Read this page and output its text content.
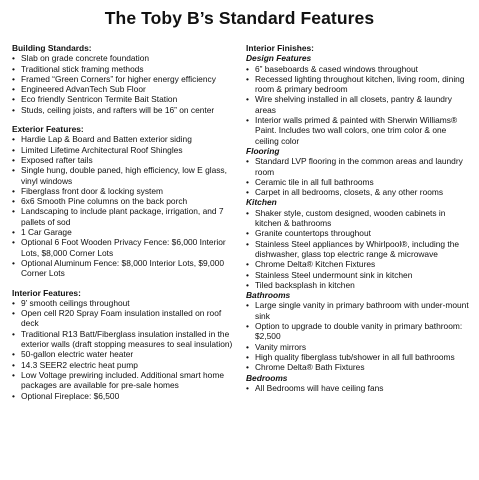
The Toby B’s Standard Features
Building Standards:
• Slab on grade concrete foundation
• Traditional stick framing methods
• Framed “Green Corners” for higher energy efficiency
• Engineered AdvanTech Sub Floor
• Eco friendly Sentricon Termite Bait Station
• Studs, ceiling joists, and rafters will be 16” on center
Exterior Features:
• Hardie Lap & Board and Batten exterior siding
• Limited Lifetime Architectural Roof Shingles
• Exposed rafter tails
• Single hung, double paned, high efficiency, low E glass, vinyl windows
• Fiberglass front door & locking system
• 6x6 Smooth Pine columns on the back porch
• Landscaping to include plant package, irrigation, and 7 pallets of sod
• 1 Car Garage
• Optional 6 Foot Wooden Privacy Fence: $6,000 Interior Lots, $8,000 Corner Lots
• Optional Aluminum Fence: $8,000 Interior Lots, $9,000 Corner Lots
Interior Features:
• 9’ smooth ceilings throughout
• Open cell R20 Spray Foam insulation installed on roof deck
• Traditional R13 Batt/Fiberglass insulation installed in the exterior walls (draft stopping measures to seal insulation)
• 50-gallon electric water heater
• 14.3 SEER2 electric heat pump
• Low Voltage prewiring included. Additional smart home packages are available for pre-sale homes
• Optional Fireplace: $6,500
Interior Finishes:
Design Features
• 6” baseboards & cased windows throughout
• Recessed lighting throughout kitchen, living room, dining room & primary bedroom
• Wire shelving installed in all closets, pantry & laundry areas
• Interior walls primed & painted with Sherwin Williams® Paint. Includes two wall colors, one trim color & one ceiling color
Flooring
• Standard LVP flooring in the common areas and laundry room
• Ceramic tile in all full bathrooms
• Carpet in all bedrooms, closets, & any other rooms
Kitchen
• Shaker style, custom designed, wooden cabinets in kitchen & bathrooms
• Granite countertops throughout
• Stainless Steel appliances by Whirlpool®, including the dishwasher, glass top electric range & microwave
• Chrome Delta® Kitchen Fixtures
• Stainless Steel undermount sink in kitchen
• Tiled backsplash in kitchen
Bathrooms
• Large single vanity in primary bathroom with under-mount sink
• Option to upgrade to double vanity in primary bathroom: $2,500
• Vanity mirrors
• High quality fiberglass tub/shower in all full bathrooms
• Chrome Delta® Bath Fixtures
Bedrooms
• All Bedrooms will have ceiling fans
